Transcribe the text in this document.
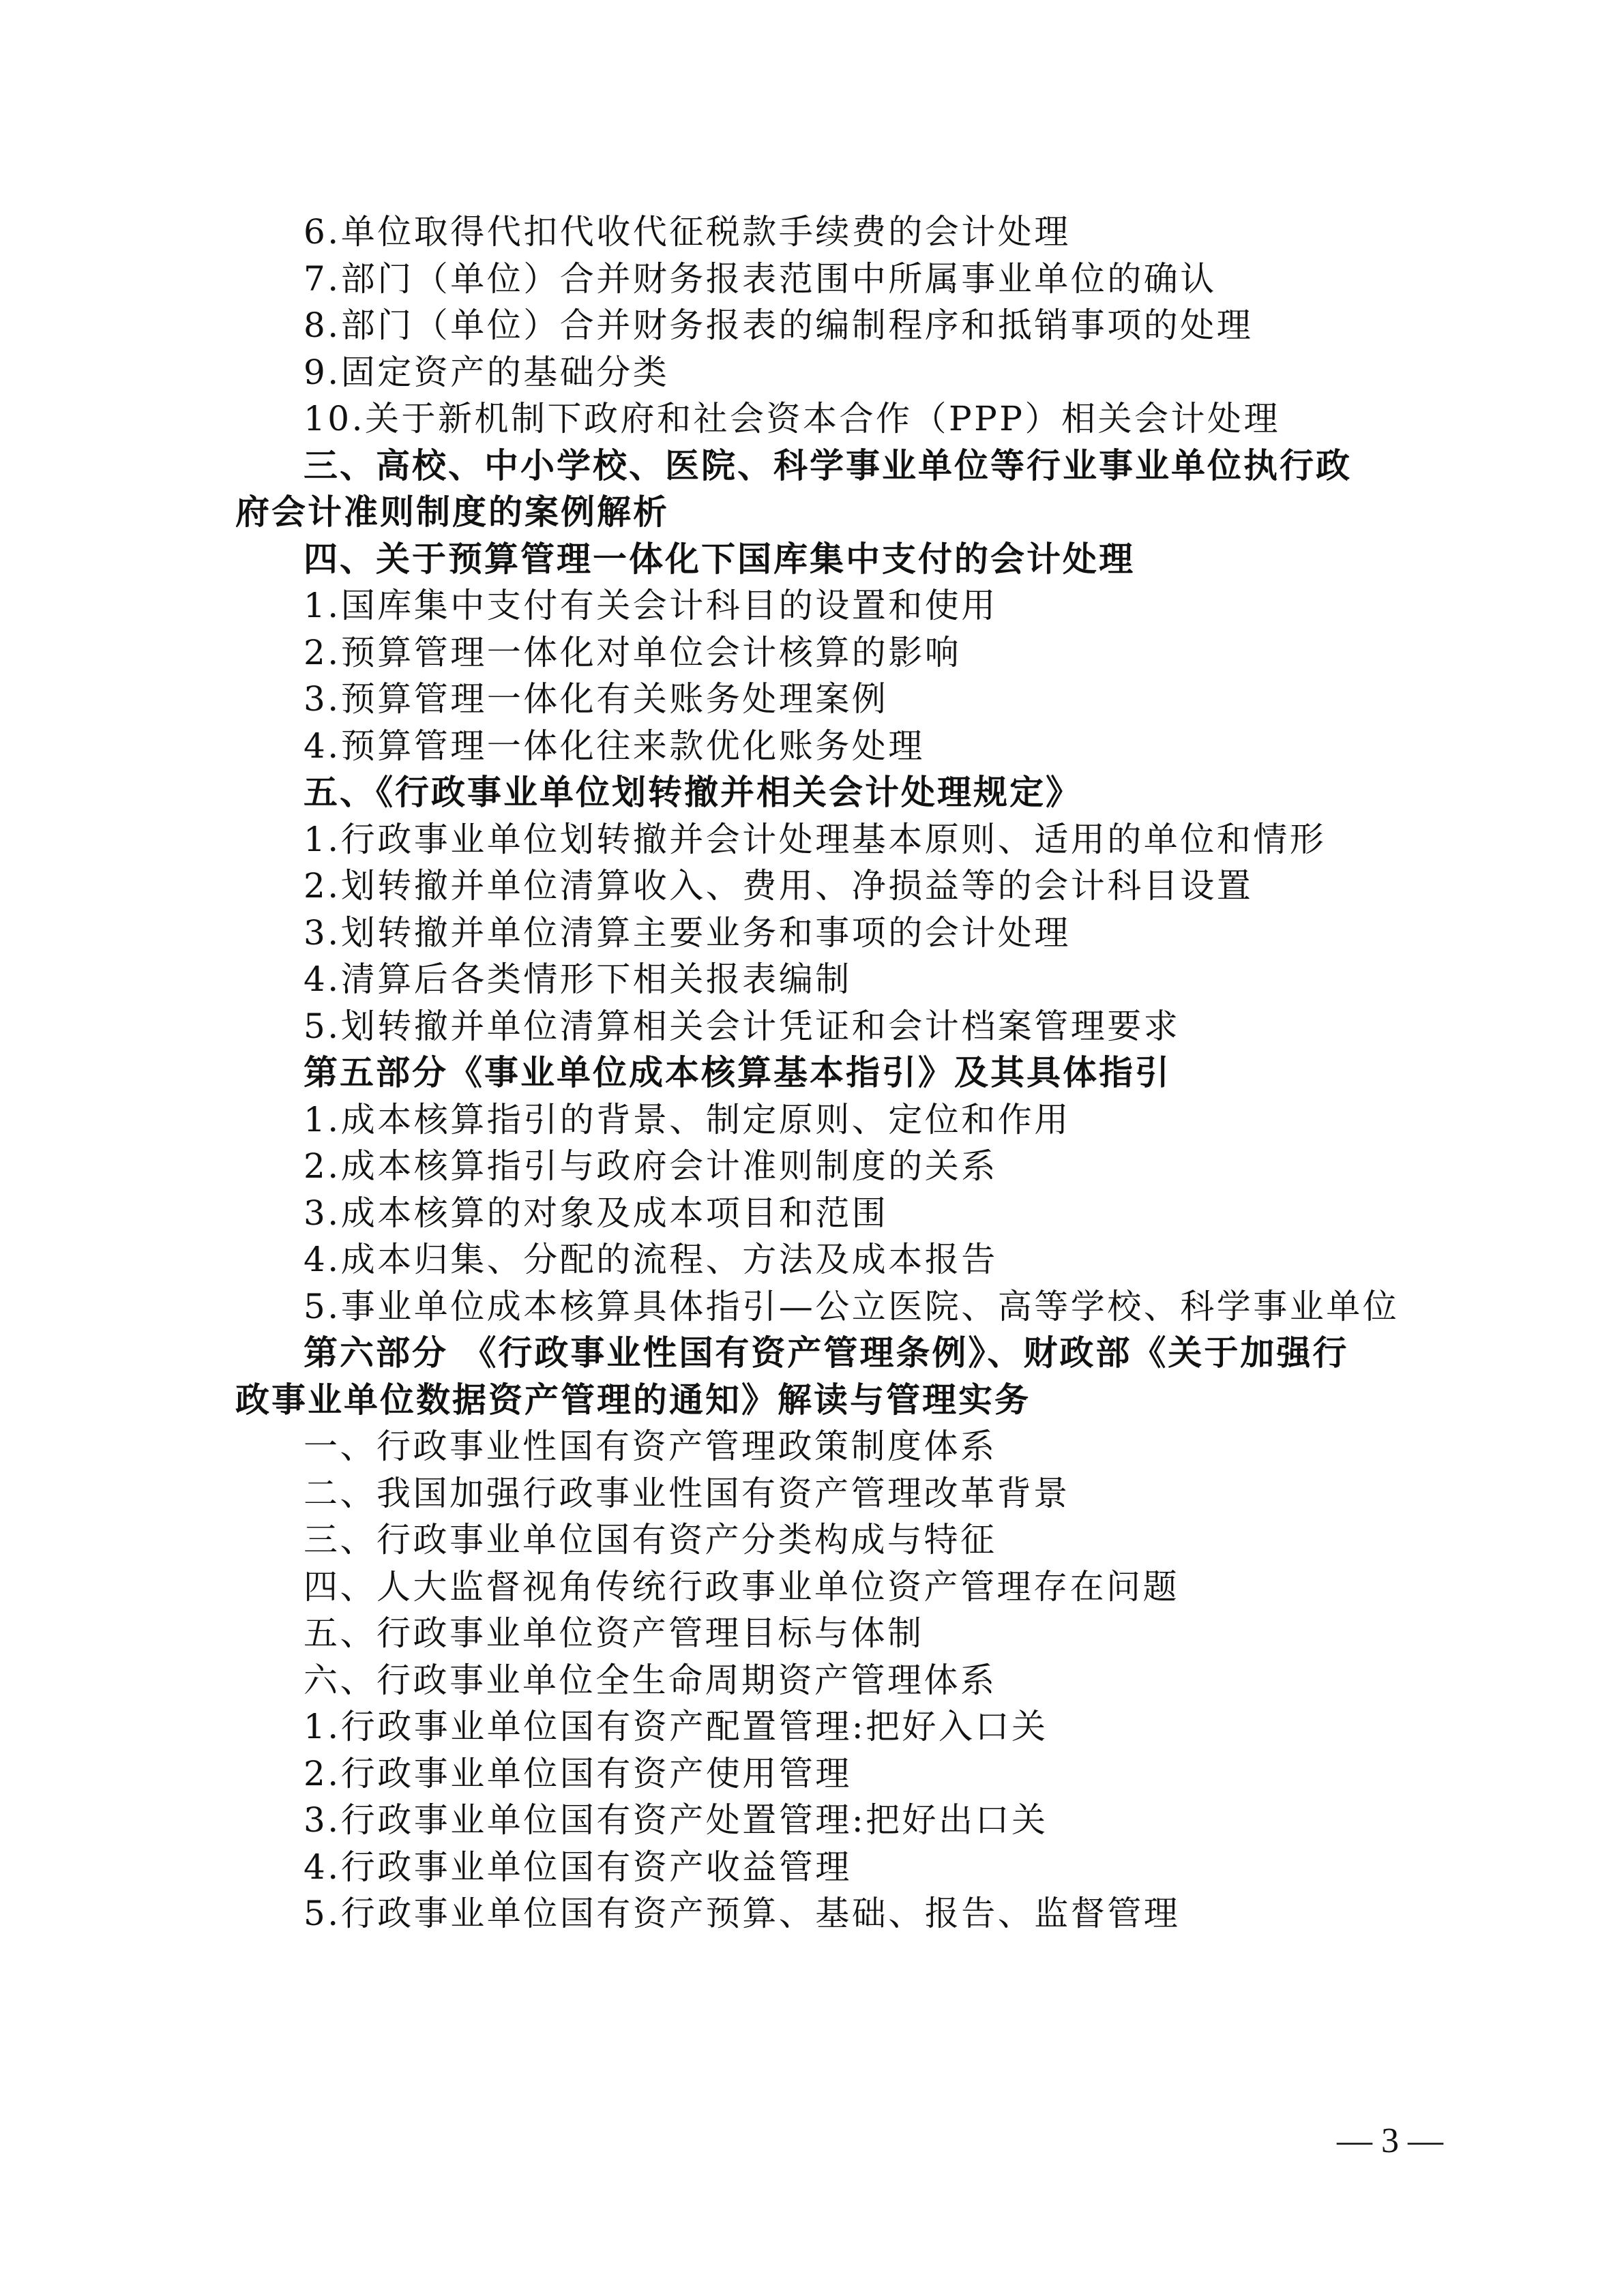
6.单位取得代扣代收代征税款手续费的会计处理

7.部门（单位）合并财务报表范围中所属事业单位的确认

8.部门（单位）合并财务报表的编制程序和抵销事项的处理

9.固定资产的基础分类

10.关于新机制下政府和社会资本合作（PPP）相关会计处理

三、高校、中小学校、医院、科学事业单位等行业事业单位执行政

府会计准则制度的案例解析

四、关于预算管理一体化下国库集中支付的会计处理

1.国库集中支付有关会计科目的设置和使用

2.预算管理一体化对单位会计核算的影响

3.预算管理一体化有关账务处理案例

4.预算管理一体化往来款优化账务处理

五、《行政事业单位划转撤并相关会计处理规定》

1.行政事业单位划转撤并会计处理基本原则、适用的单位和情形

2.划转撤并单位清算收入、费用、净损益等的会计科目设置

3.划转撤并单位清算主要业务和事项的会计处理

4.清算后各类情形下相关报表编制

5.划转撤并单位清算相关会计凭证和会计档案管理要求

第五部分《事业单位成本核算基本指引》及其具体指引

1.成本核算指引的背景、制定原则、定位和作用

2.成本核算指引与政府会计准则制度的关系

3.成本核算的对象及成本项目和范围

4.成本归集、分配的流程、方法及成本报告

5.事业单位成本核算具体指引—公立医院、高等学校、科学事业单位

第六部分 《行政事业性国有资产管理条例》、财政部《关于加强行

政事业单位数据资产管理的通知》解读与管理实务

一、行政事业性国有资产管理政策制度体系

二、我国加强行政事业性国有资产管理改革背景

三、行政事业单位国有资产分类构成与特征

四、人大监督视角传统行政事业单位资产管理存在问题

五、行政事业单位资产管理目标与体制

六、行政事业单位全生命周期资产管理体系

1.行政事业单位国有资产配置管理:把好入口关

2.行政事业单位国有资产使用管理

3.行政事业单位国有资产处置管理:把好出口关

4.行政事业单位国有资产收益管理

5.行政事业单位国有资产预算、基础、报告、监督管理

— 3 —
